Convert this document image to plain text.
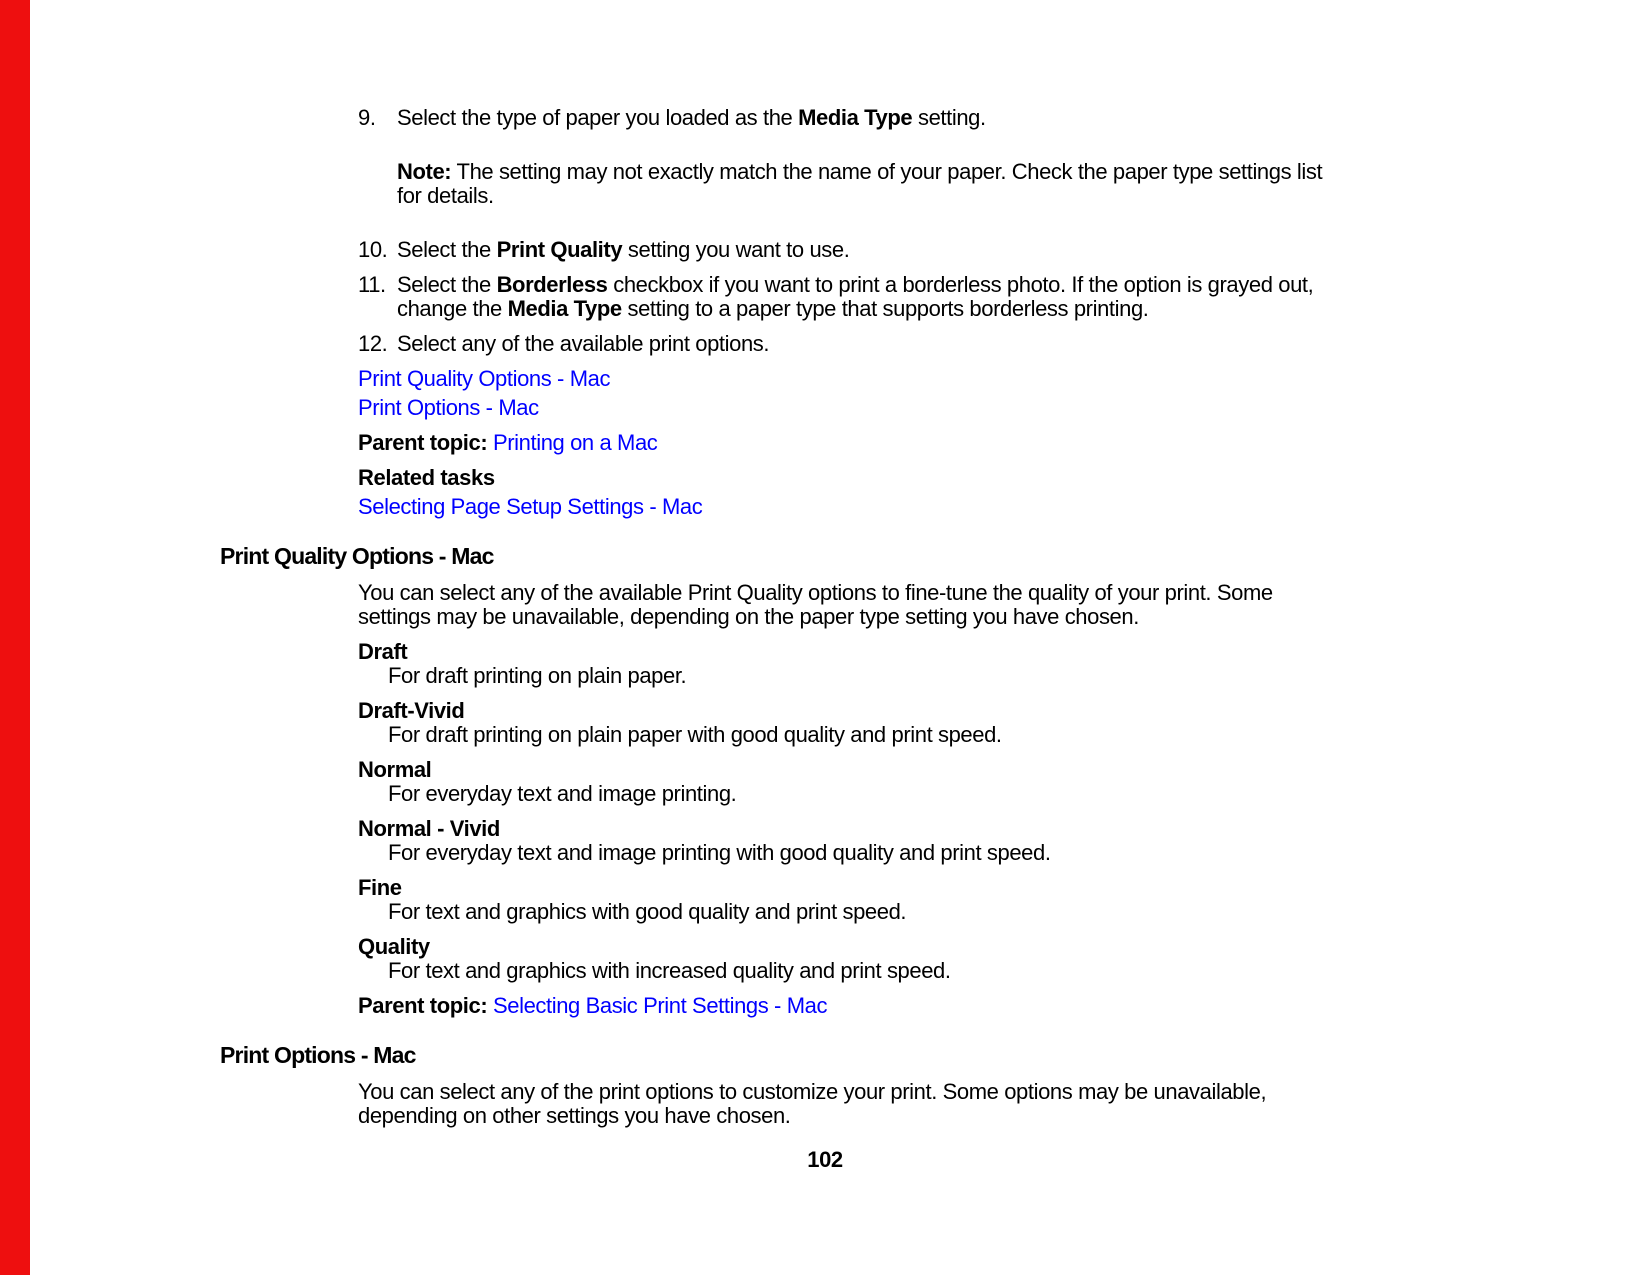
9. Select the type of paper you loaded as the Media Type setting.
Note: The setting may not exactly match the name of your paper. Check the paper type settings list
for details.
10. Select the Print Quality setting you want to use.
11. Select the Borderless checkbox if you want to print a borderless photo. If the option is grayed out,
change the Media Type setting to a paper type that supports borderless printing.
12. Select any of the available print options.
Print Quality Options - Mac
Print Options - Mac
Parent topic: Printing on a Mac
Related tasks
Selecting Page Setup Settings - Mac
Print Quality Options - Mac
You can select any of the available Print Quality options to fine-tune the quality of your print. Some
settings may be unavailable, depending on the paper type setting you have chosen.
Draft
For draft printing on plain paper.
Draft-Vivid
For draft printing on plain paper with good quality and print speed.
Normal
For everyday text and image printing.
Normal - Vivid
For everyday text and image printing with good quality and print speed.
Fine
For text and graphics with good quality and print speed.
Quality
For text and graphics with increased quality and print speed.
Parent topic: Selecting Basic Print Settings - Mac
Print Options - Mac
You can select any of the print options to customize your print. Some options may be unavailable,
depending on other settings you have chosen.
102
